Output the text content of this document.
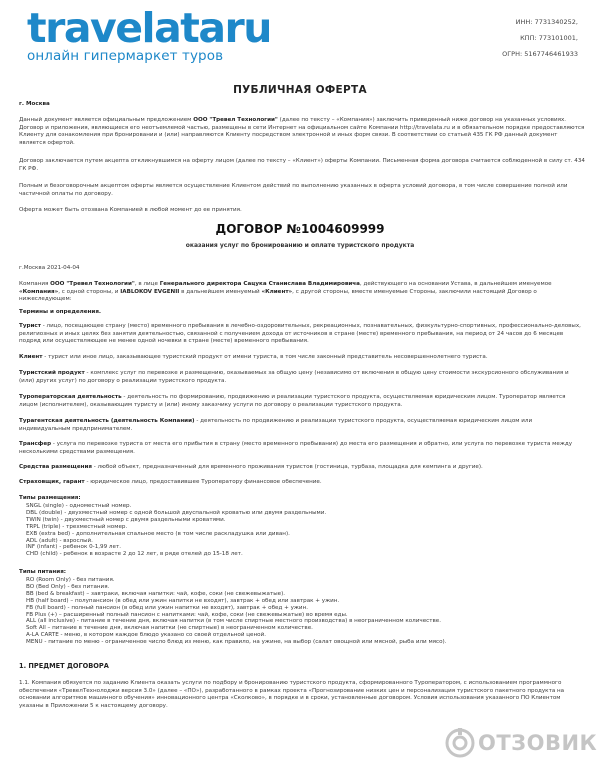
travelataru
онлайн гипермаркет туров
ИНН: 7731340252,
КПП: 773101001,
ОГРН: 5167746461933
ПУБЛИЧНАЯ ОФЕРТА
г. Москва
Данный документ является официальным предложением ООО "Тревел Технологии" (далее по тексту – «Компания») заключить приведенный ниже договор на указанных условиях. Договор и приложения, являющиеся его неотъемлемой частью, размещены в сети Интернет на официальном сайте Компании http://travelata.ru и в обязательном порядке предоставляются Клиенту для ознакомления при бронировании и (или) направляются Клиенту посредством электронной и иных форм связи. В соответствии со статьей 435 ГК РФ данный документ является офертой.
Договор заключается путем акцепта откликнувшимся на оферту лицом (далее по тексту – «Клиент») оферты Компании. Письменная форма договора считается соблюденной в силу ст. 434 ГК РФ.
Полным и безоговорочным акцептом оферты является осуществление Клиентом действий по выполнению указанных в оферта условий договора, в том числе совершение полной или частичной оплаты по договору.
Оферта может быть отозвана Компанией в любой момент до ее принятия.
ДОГОВОР №1004609999
оказания услуг по бронированию и оплате туристского продукта
г.Москва 2021-04-04
Компания ООО "Тревел Технологии", в лице Генерального директора Сацука Станислава Владимировича, действующего на основании Устава, в дальнейшем именуемое «Компания», с одной стороны, и IABLOKOV EVGENII в дальнейшем именуемый «Клиент», с другой стороны, вместе именуемые Стороны, заключили настоящий Договор о нижеследующем:
Термины и определения.
Турист - лицо, посещающее страну (место) временного пребывания в лечебно-оздоровительных, рекреационных, познавательных, физкультурно-спортивных, профессионально-деловых, религиозных и иных целях без занятия деятельностью, связанной с получением дохода от источников в стране (месте) временного пребывания, на период от 24 часов до 6 месяцев подряд или осуществляющее не менее одной ночевки в стране (месте) временного пребывания.
Клиент - турист или иное лицо, заказывающее туристский продукт от имени туриста, в том числе законный представитель несовершеннолетнего туриста.
Туристский продукт - комплекс услуг по перевозке и размещению, оказываемых за общую цену (независимо от включения в общую цену стоимости экскурсионного обслуживания и (или) других услуг) по договору о реализации туристского продукта.
Туроператорская деятельность - деятельность по формированию, продвижению и реализации туристского продукта, осуществляемая юридическим лицом. Туроператор является лицом (исполнителем), оказывающим туристу и (или) иному заказчику услуги по договору о реализации туристского продукта.
Турагентская деятельность (деятельность Компании) - деятельность по продвижению и реализации туристского продукта, осуществляемая юридическим лицом или индивидуальным предпринимателем.
Трансфер - услуга по перевозке туриста от места его прибытия в страну (место временного пребывания) до места его размещения и обратно, или услуга по перевозке туриста между несколькими средствами размещения.
Средства размещения - любой объект, предназначенный для временного проживания туристов (гостиница, турбаза, площадка для кемпинга и другие).
Страховщик, гарант - юридическое лицо, предоставившее Туроператору финансовое обеспечение.
Типы размещения:
SNGL (single) - одноместный номер.
DBL (double) - двухместный номер с одной большой двуспальной кроватью или двумя раздельными.
TWIN (twin) - двухместный номер с двумя раздельными кроватями.
TRPL (triple) - трехместный номер.
EXB (extra bed) - дополнительная спальное место (в том числе раскладушка или диван).
ADL (adult) - взрослый.
INF (infant) - ребенок 0-1,99 лет.
CHD (child) - ребенок в возрасте 2 до 12 лет, в ряде отелей до 15-18 лет.
Типы питания:
RO (Room Only) - без питания.
BO (Bed Only) - без питания.
BB (bed & breakfast) – завтраки, включая напитки: чай, кофе, соки (не свежевыжатые).
HB (half board) – полупансион (в обед или ужин напитки не входят), завтрак + обед или завтрак + ужин.
FB (full board) - полный пансион (в обед или ужин напитки не входят), завтрак + обед + ужин.
FB Plus (+) – расширенный полный пансион с напитками: чай, кофе, соки (не свежевыжатые) во время еды.
ALL (all inclusive) - питание в течение дня, включая напитки (в том числе спиртные местного производства) в неограниченном количестве.
Soft All – питание в течение дня, включая напитки (не спиртные) в неограниченном количестве.
A-LA CARTE - меню, в котором каждое блюдо указано со своей отдельной ценой.
MENU - питание по меню - ограниченное число блюд из меню, как правило, на ужине, на выбор (салат овощной или мясной, рыба или мясо).
1. ПРЕДМЕТ ДОГОВОРА
1.1. Компания обязуется по заданию Клиента оказать услуги по подбору и бронированию туристского продукта, сформированного Туроператором, с использованием программного обеспечения «ТревелТехнолоджи версия 3.0» (далее – «ПО»), разработанного в рамках проекта «Прогнозирование низких цен и персонализация туристского пакетного продукта на основании алгоритмов машинного обучения» инновационного центра «Сколково», в порядке и в сроки, установленные договором. Условия использования указанного ПО Клиентом указаны в Приложении 5 к настоящему договору.
ОТЗОВИК
